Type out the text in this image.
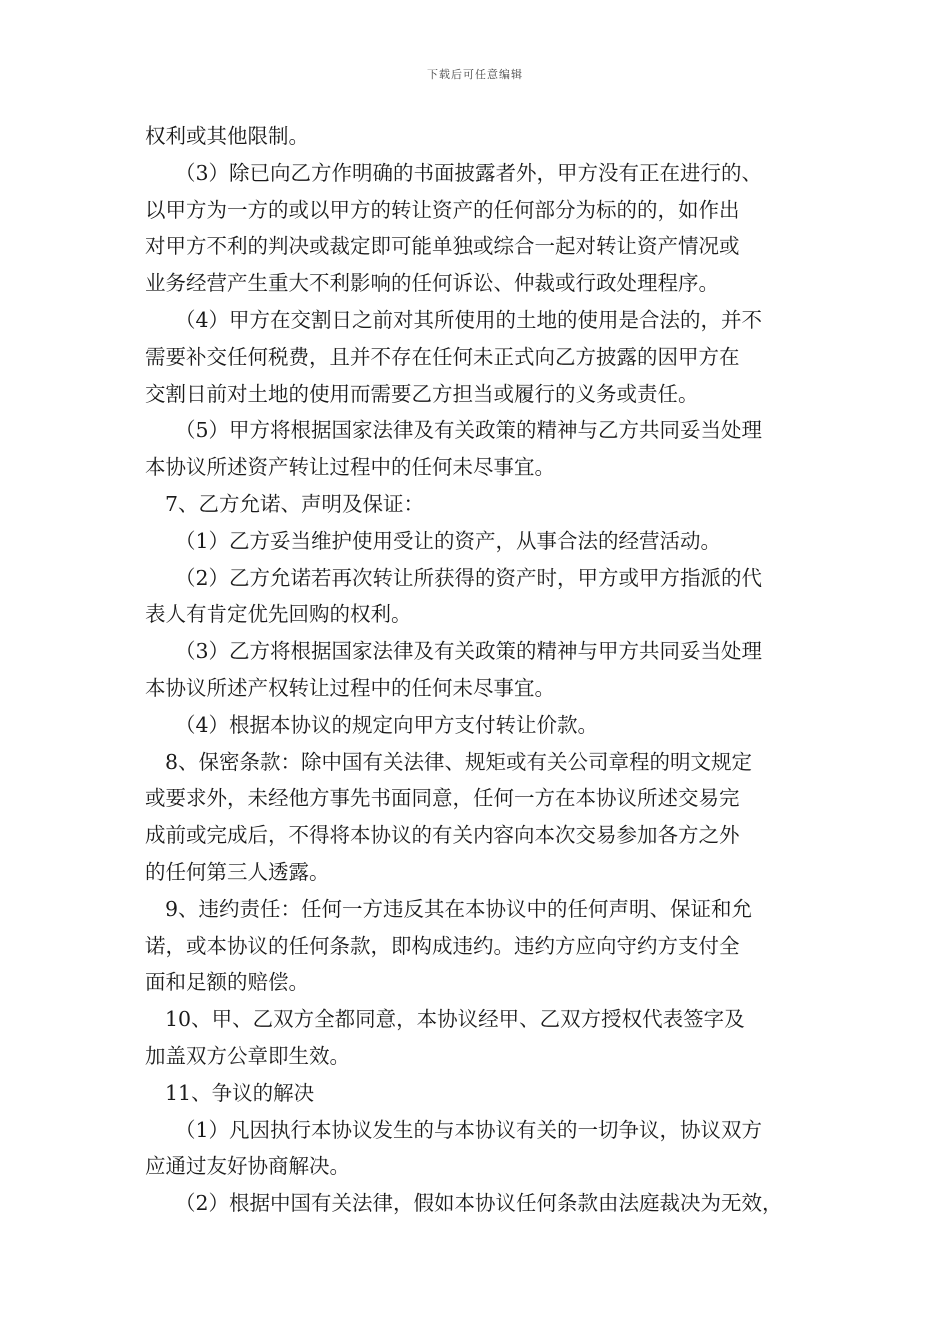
下载后可任意编辑
权利或其他限制。
（3）除已向乙方作明确的书面披露者外，甲方没有正在进行的、
以甲方为一方的或以甲方的转让资产的任何部分为标的的，如作出
对甲方不利的判决或裁定即可能单独或综合一起对转让资产情况或
业务经营产生重大不利影响的任何诉讼、仲裁或行政处理程序。
（4）甲方在交割日之前对其所使用的土地的使用是合法的，并不
需要补交任何税费，且并不存在任何未正式向乙方披露的因甲方在
交割日前对土地的使用而需要乙方担当或履行的义务或责任。
（5）甲方将根据国家法律及有关政策的精神与乙方共同妥当处理
本协议所述资产转让过程中的任何未尽事宜。
7、乙方允诺、声明及保证：
（1）乙方妥当维护使用受让的资产，从事合法的经营活动。
（2）乙方允诺若再次转让所获得的资产时，甲方或甲方指派的代
表人有肯定优先回购的权利。
（3）乙方将根据国家法律及有关政策的精神与甲方共同妥当处理
本协议所述产权转让过程中的任何未尽事宜。
（4）根据本协议的规定向甲方支付转让价款。
8、保密条款：除中国有关法律、规矩或有关公司章程的明文规定
或要求外，未经他方事先书面同意，任何一方在本协议所述交易完
成前或完成后，不得将本协议的有关内容向本次交易参加各方之外
的任何第三人透露。
9、违约责任：任何一方违反其在本协议中的任何声明、保证和允
诺，或本协议的任何条款，即构成违约。违约方应向守约方支付全
面和足额的赔偿。
10、甲、乙双方全都同意，本协议经甲、乙双方授权代表签字及
加盖双方公章即生效。
11、争议的解决
（1）凡因执行本协议发生的与本协议有关的一切争议，协议双方
应通过友好协商解决。
（2）根据中国有关法律，假如本协议任何条款由法庭裁决为无效，
